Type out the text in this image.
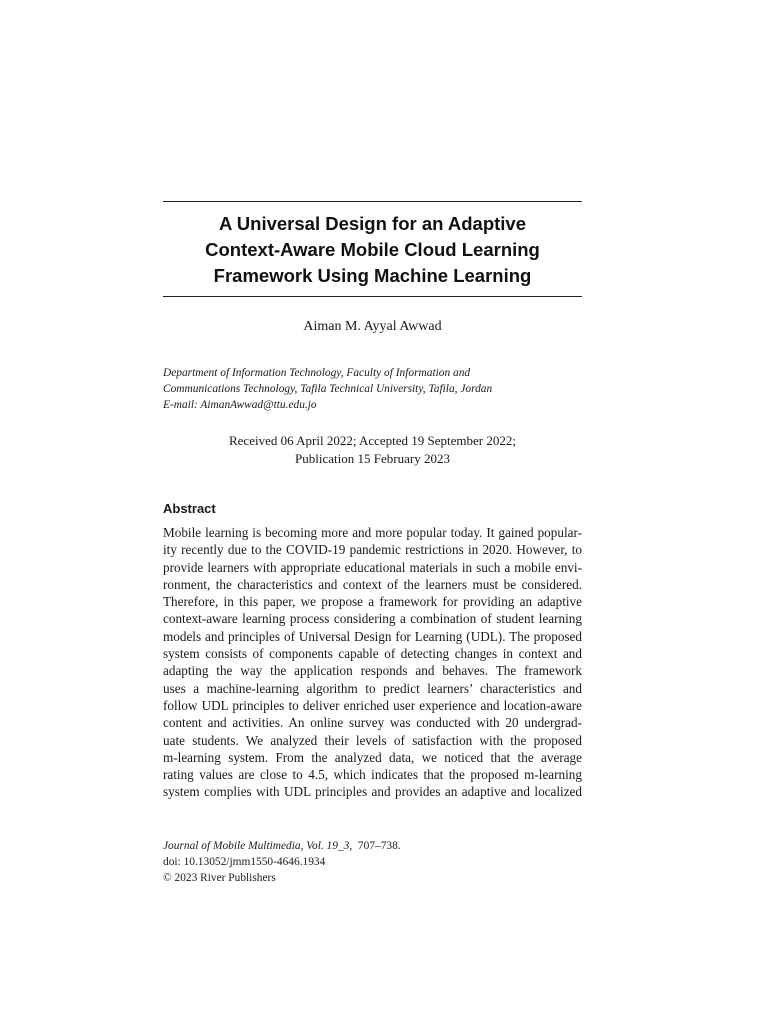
A Universal Design for an Adaptive
Context-Aware Mobile Cloud Learning
Framework Using Machine Learning
Aiman M. Ayyal Awwad
Department of Information Technology, Faculty of Information and
Communications Technology, Tafila Technical University, Tafila, Jordan
E-mail: AimanAwwad@ttu.edu.jo
Received 06 April 2022; Accepted 19 September 2022;
Publication 15 February 2023
Abstract
Mobile learning is becoming more and more popular today. It gained popular-
ity recently due to the COVID-19 pandemic restrictions in 2020. However, to
provide learners with appropriate educational materials in such a mobile envi-
ronment, the characteristics and context of the learners must be considered.
Therefore, in this paper, we propose a framework for providing an adaptive
context-aware learning process considering a combination of student learning
models and principles of Universal Design for Learning (UDL). The proposed
system consists of components capable of detecting changes in context and
adapting the way the application responds and behaves. The framework
uses a machine-learning algorithm to predict learners’ characteristics and
follow UDL principles to deliver enriched user experience and location-aware
content and activities. An online survey was conducted with 20 undergrad-
uate students. We analyzed their levels of satisfaction with the proposed
m-learning system. From the analyzed data, we noticed that the average
rating values are close to 4.5, which indicates that the proposed m-learning
system complies with UDL principles and provides an adaptive and localized
Journal of Mobile Multimedia, Vol. 19_3, 707–738.
doi: 10.13052/jmm1550-4646.1934
© 2023 River Publishers
